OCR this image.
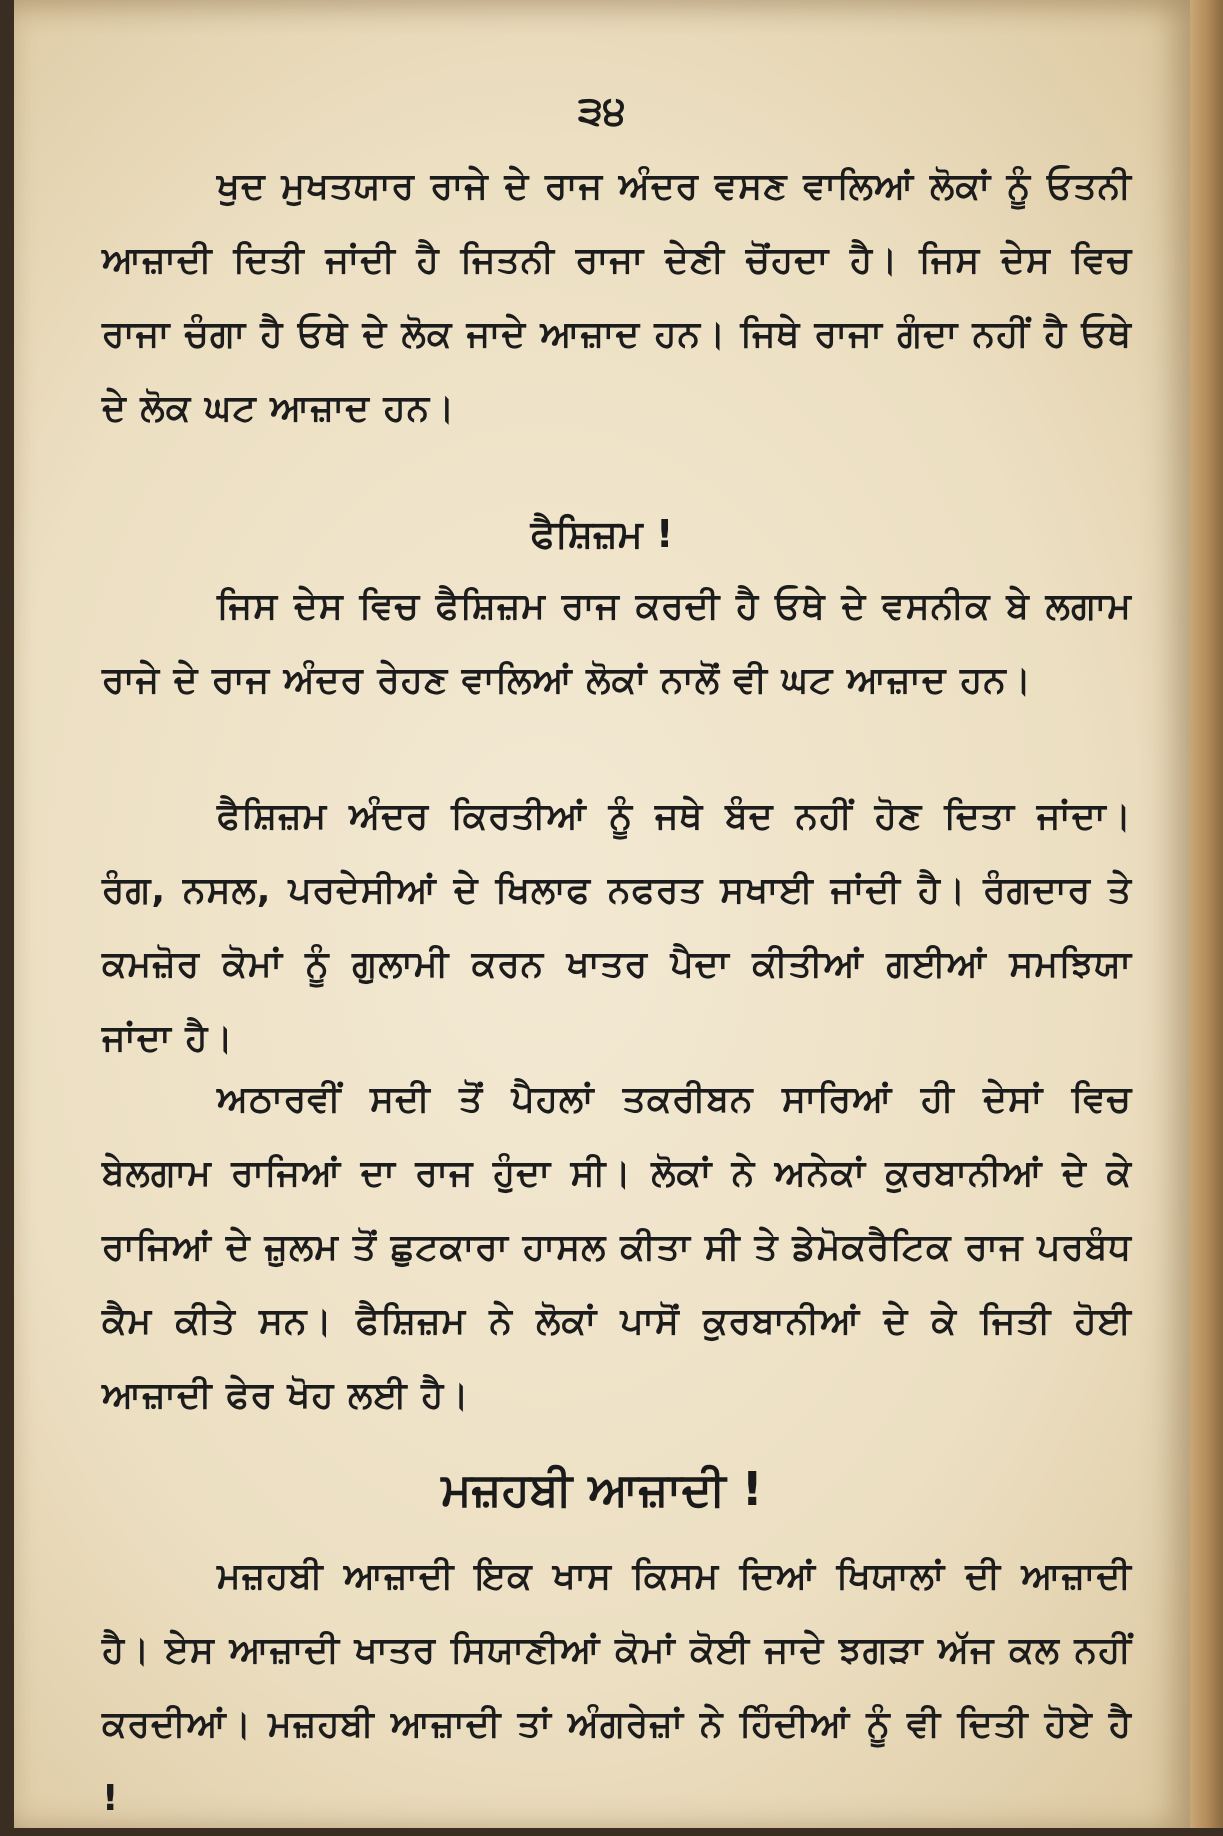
੩੪
ਖੁਦ ਮੁਖਤਯਾਰ ਰਾਜੇ ਦੇ ਰਾਜ ਅੰਦਰ ਵਸਣ ਵਾਲਿਆਂ ਲੋਕਾਂ ਨੂੰ ਓਤਨੀ ਆਜ਼ਾਦੀ ਦਿਤੀ ਜਾਂਦੀ ਹੈ ਜਿਤਨੀ ਰਾਜਾ ਦੇਣੀ ਚੋਂਹਦਾ ਹੈ। ਜਿਸ ਦੇਸ ਵਿਚ ਰਾਜਾ ਚੰਗਾ ਹੈ ਓਥੇ ਦੇ ਲੋਕ ਜਾਦੇ ਆਜ਼ਾਦ ਹਨ। ਜਿਥੇ ਰਾਜਾ ਗੰਦਾ ਨਹੀਂ ਹੈ ਓਥੇ ਦੇ ਲੋਕ ਘਟ ਆਜ਼ਾਦ ਹਨ।
ਫੈਸ਼ਿਜ਼ਮ !
ਜਿਸ ਦੇਸ ਵਿਚ ਫੈਸ਼ਿਜ਼ਮ ਰਾਜ ਕਰਦੀ ਹੈ ਓਥੇ ਦੇ ਵਸਨੀਕ ਬੇ ਲਗਾਮ ਰਾਜੇ ਦੇ ਰਾਜ ਅੰਦਰ ਰੇਹਣ ਵਾਲਿਆਂ ਲੋਕਾਂ ਨਾਲੋਂ ਵੀ ਘਟ ਆਜ਼ਾਦ ਹਨ।
ਫੈਸ਼ਿਜ਼ਮ ਅੰਦਰ ਕਿਰਤੀਆਂ ਨੂੰ ਜਥੇ ਬੰਦ ਨਹੀਂ ਹੋਣ ਦਿਤਾ ਜਾਂਦਾ। ਰੰਗ, ਨਸਲ, ਪਰਦੇਸੀਆਂ ਦੇ ਖਿਲਾਫ ਨਫਰਤ ਸਖਾਈ ਜਾਂਦੀ ਹੈ। ਰੰਗਦਾਰ ਤੇ ਕਮਜ਼ੋਰ ਕੋਮਾਂ ਨੂੰ ਗੁਲਾਮੀ ਕਰਨ ਖਾਤਰ ਪੈਦਾ ਕੀਤੀਆਂ ਗਈਆਂ ਸਮਝਿਯਾ ਜਾਂਦਾ ਹੈ।
ਅਠਾਰਵੀਂ ਸਦੀ ਤੋਂ ਪੈਹਲਾਂ ਤਕਰੀਬਨ ਸਾਰਿਆਂ ਹੀ ਦੇਸਾਂ ਵਿਚ ਬੇਲਗਾਮ ਰਾਜਿਆਂ ਦਾ ਰਾਜ ਹੁੰਦਾ ਸੀ। ਲੋਕਾਂ ਨੇ ਅਨੇਕਾਂ ਕੁਰਬਾਨੀਆਂ ਦੇ ਕੇ ਰਾਜਿਆਂ ਦੇ ਜ਼ੁਲਮ ਤੋਂ ਛੁਟਕਾਰਾ ਹਾਸਲ ਕੀਤਾ ਸੀ ਤੇ ਡੇਮੋਕਰੈਟਿਕ ਰਾਜ ਪਰਬੰਧ ਕੈਮ ਕੀਤੇ ਸਨ। ਫੈਸ਼ਿਜ਼ਮ ਨੇ ਲੋਕਾਂ ਪਾਸੋਂ ਕੁਰਬਾਨੀਆਂ ਦੇ ਕੇ ਜਿਤੀ ਹੋਈ ਆਜ਼ਾਦੀ ਫੇਰ ਖੋਹ ਲਈ ਹੈ।
ਮਜ਼ਹਬੀ ਆਜ਼ਾਦੀ !
ਮਜ਼ਹਬੀ ਆਜ਼ਾਦੀ ਇਕ ਖਾਸ ਕਿਸਮ ਦਿਆਂ ਖਿਯਾਲਾਂ ਦੀ ਆਜ਼ਾਦੀ ਹੈ। ਏਸ ਆਜ਼ਾਦੀ ਖਾਤਰ ਸਿਯਾਣੀਆਂ ਕੋਮਾਂ ਕੋਈ ਜਾਦੇ ਝਗੜਾ ਅੱਜ ਕਲ ਨਹੀਂ ਕਰਦੀਆਂ। ਮਜ਼ਹਬੀ ਆਜ਼ਾਦੀ ਤਾਂ ਅੰਗਰੇਜ਼ਾਂ ਨੇ ਹਿੰਦੀਆਂ ਨੂੰ ਵੀ ਦਿਤੀ ਹੋਏ ਹੈ !
